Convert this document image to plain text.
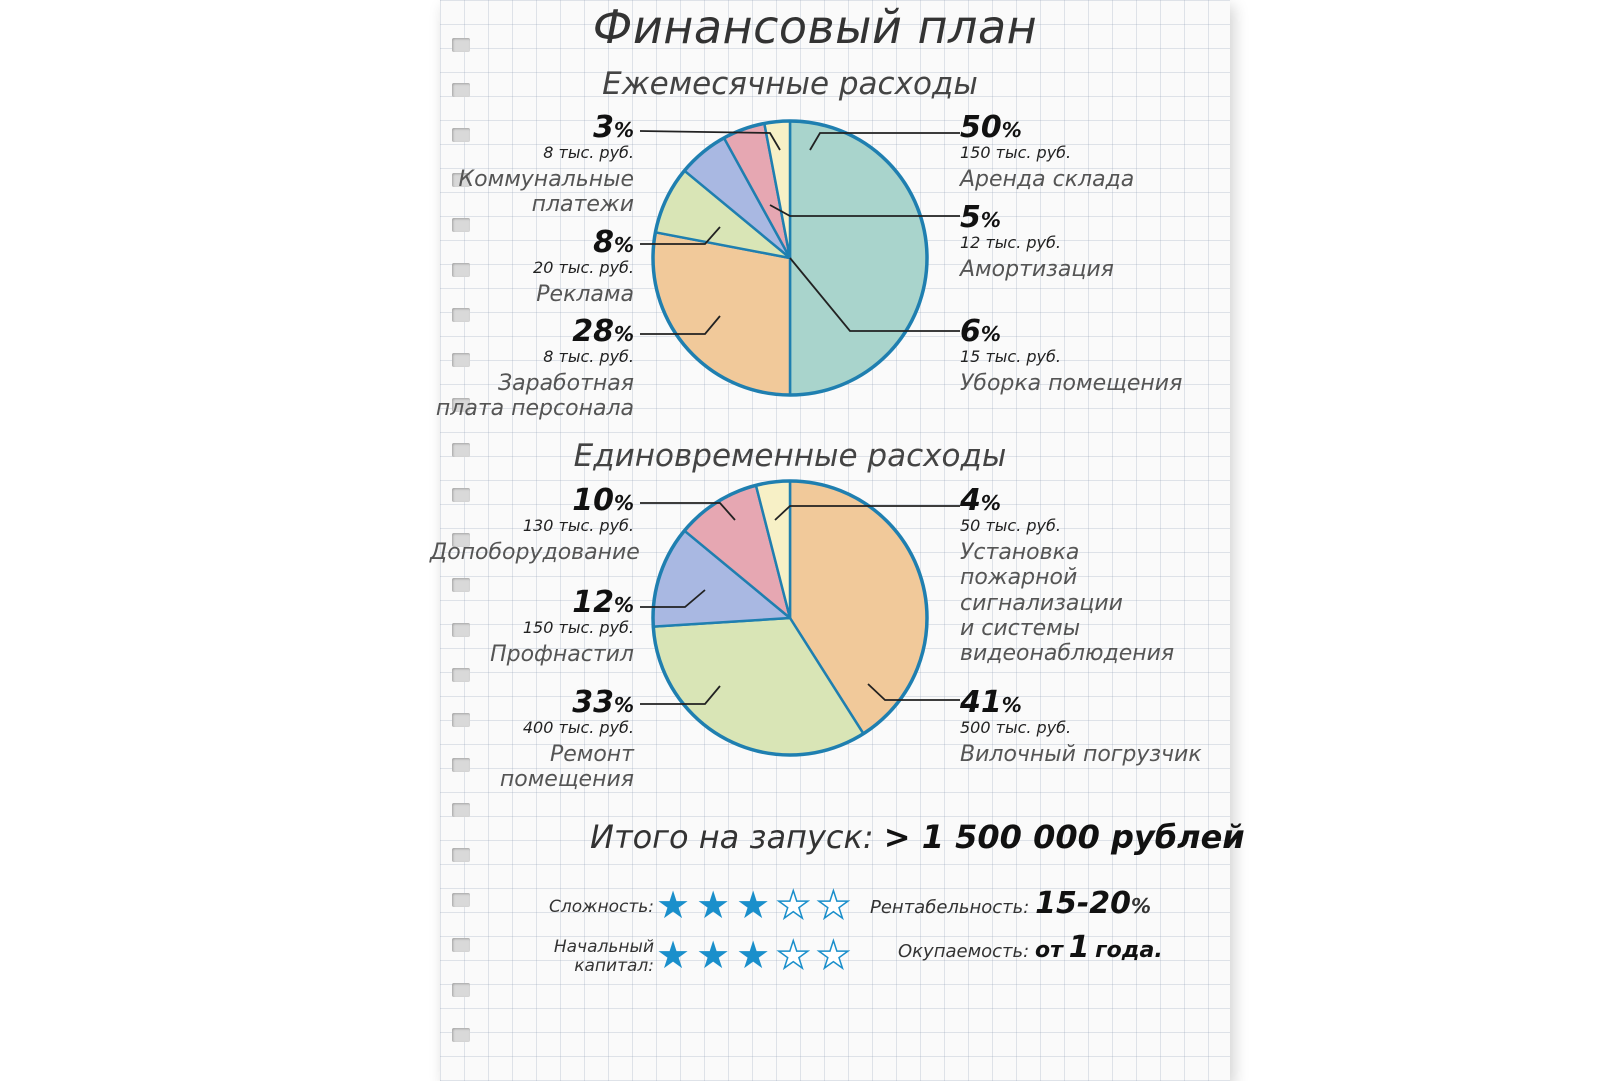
Финансовый план
Ежемесячные расходы
Единовременные расходы
50%
150 тыс. руб.
Аренда склада
5%
12 тыс. руб.
Амортизация
6%
15 тыс. руб.
Уборка помещения
3%
8 тыс. руб.
Коммунальные
платежи
8%
20 тыс. руб.
Реклама
28%
8 тыс. руб.
Заработная
плата персонала
10%
130 тыс. руб.
Допоборудование
12%
150 тыс. руб.
Профнастил
33%
400 тыс. руб.
Ремонт
помещения
4%
50 тыс. руб.
Установка
пожарной
сигнализации
и системы
видеонаблюдения
41%
500 тыс. руб.
Вилочный погрузчик
Итого на запуск: > 1 500 000 рублей
Сложность: ★ ★ ★ ★ ★
Начальный
капитал: ★ ★ ★ ★ ★
Рентабельность: 15-20%
Окупаемость: от 1 года.
